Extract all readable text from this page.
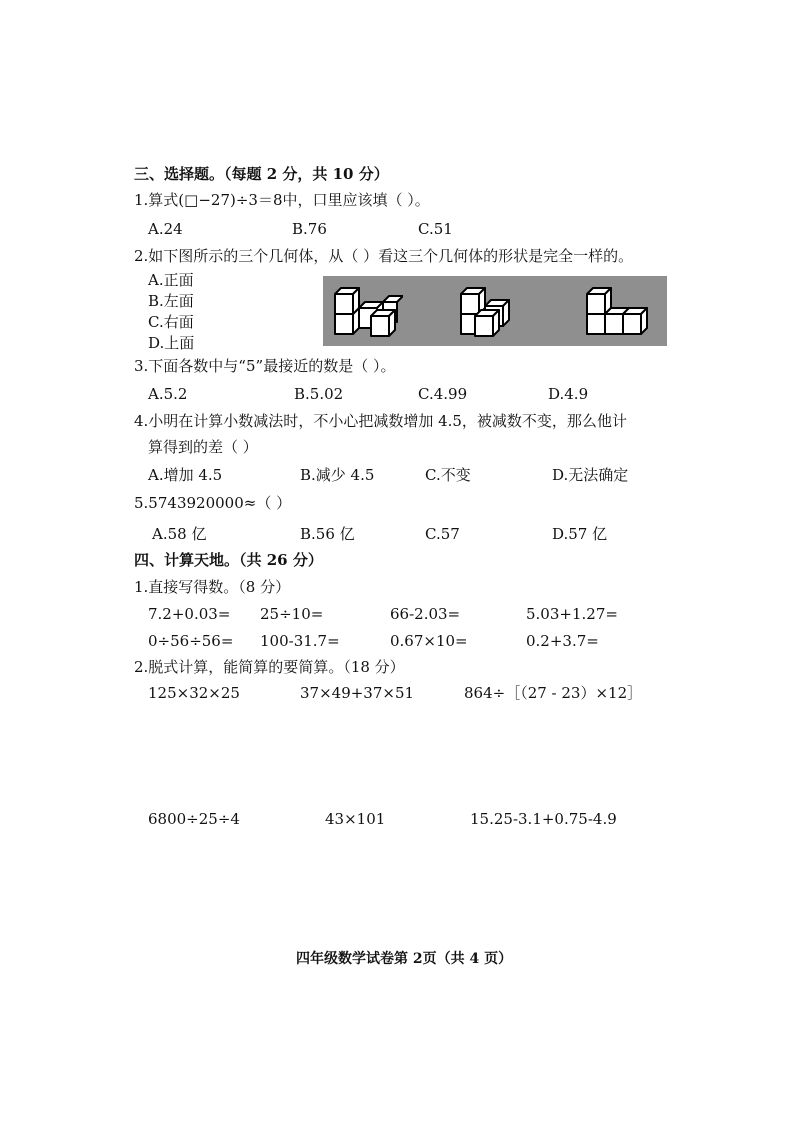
三、选择题。（每题 2 分，共 10 分）
1.算式(□−27)÷3＝8中，口里应该填（ ）。
A.24	B.76	C.51
2.如下图所示的三个几何体，从（ ）看这三个几何体的形状是完全一样的。
A.正面
B.左面
C.右面
D.上面
3.下面各数中与“5”最接近的数是（ ）。
A.5.2	B.5.02	C.4.99	D.4.9
4.小明在计算小数减法时，不小心把减数增加 4.5，被减数不变，那么他计
算得到的差（ ）
A.增加 4.5	B.减少 4.5	C.不变	D.无法确定
5.5743920000≈（ ）
A.58 亿	B.56 亿	C.57	D.57 亿
四、计算天地。（共 26 分）
1.直接写得数。（8 分）
7.2+0.03= 25÷10=	66-2.03=	5.03+1.27=
0÷56÷56= 100-31.7=	0.67×10=	0.2+3.7=
2.脱式计算，能简算的要简算。（18 分）
125×32×25	37×49+37×51	864÷［（27 - 23）×12］
6800÷25÷4	43×101	15.25-3.1+0.75-4.9
四年级数学试卷第 2页（共 4 页）
